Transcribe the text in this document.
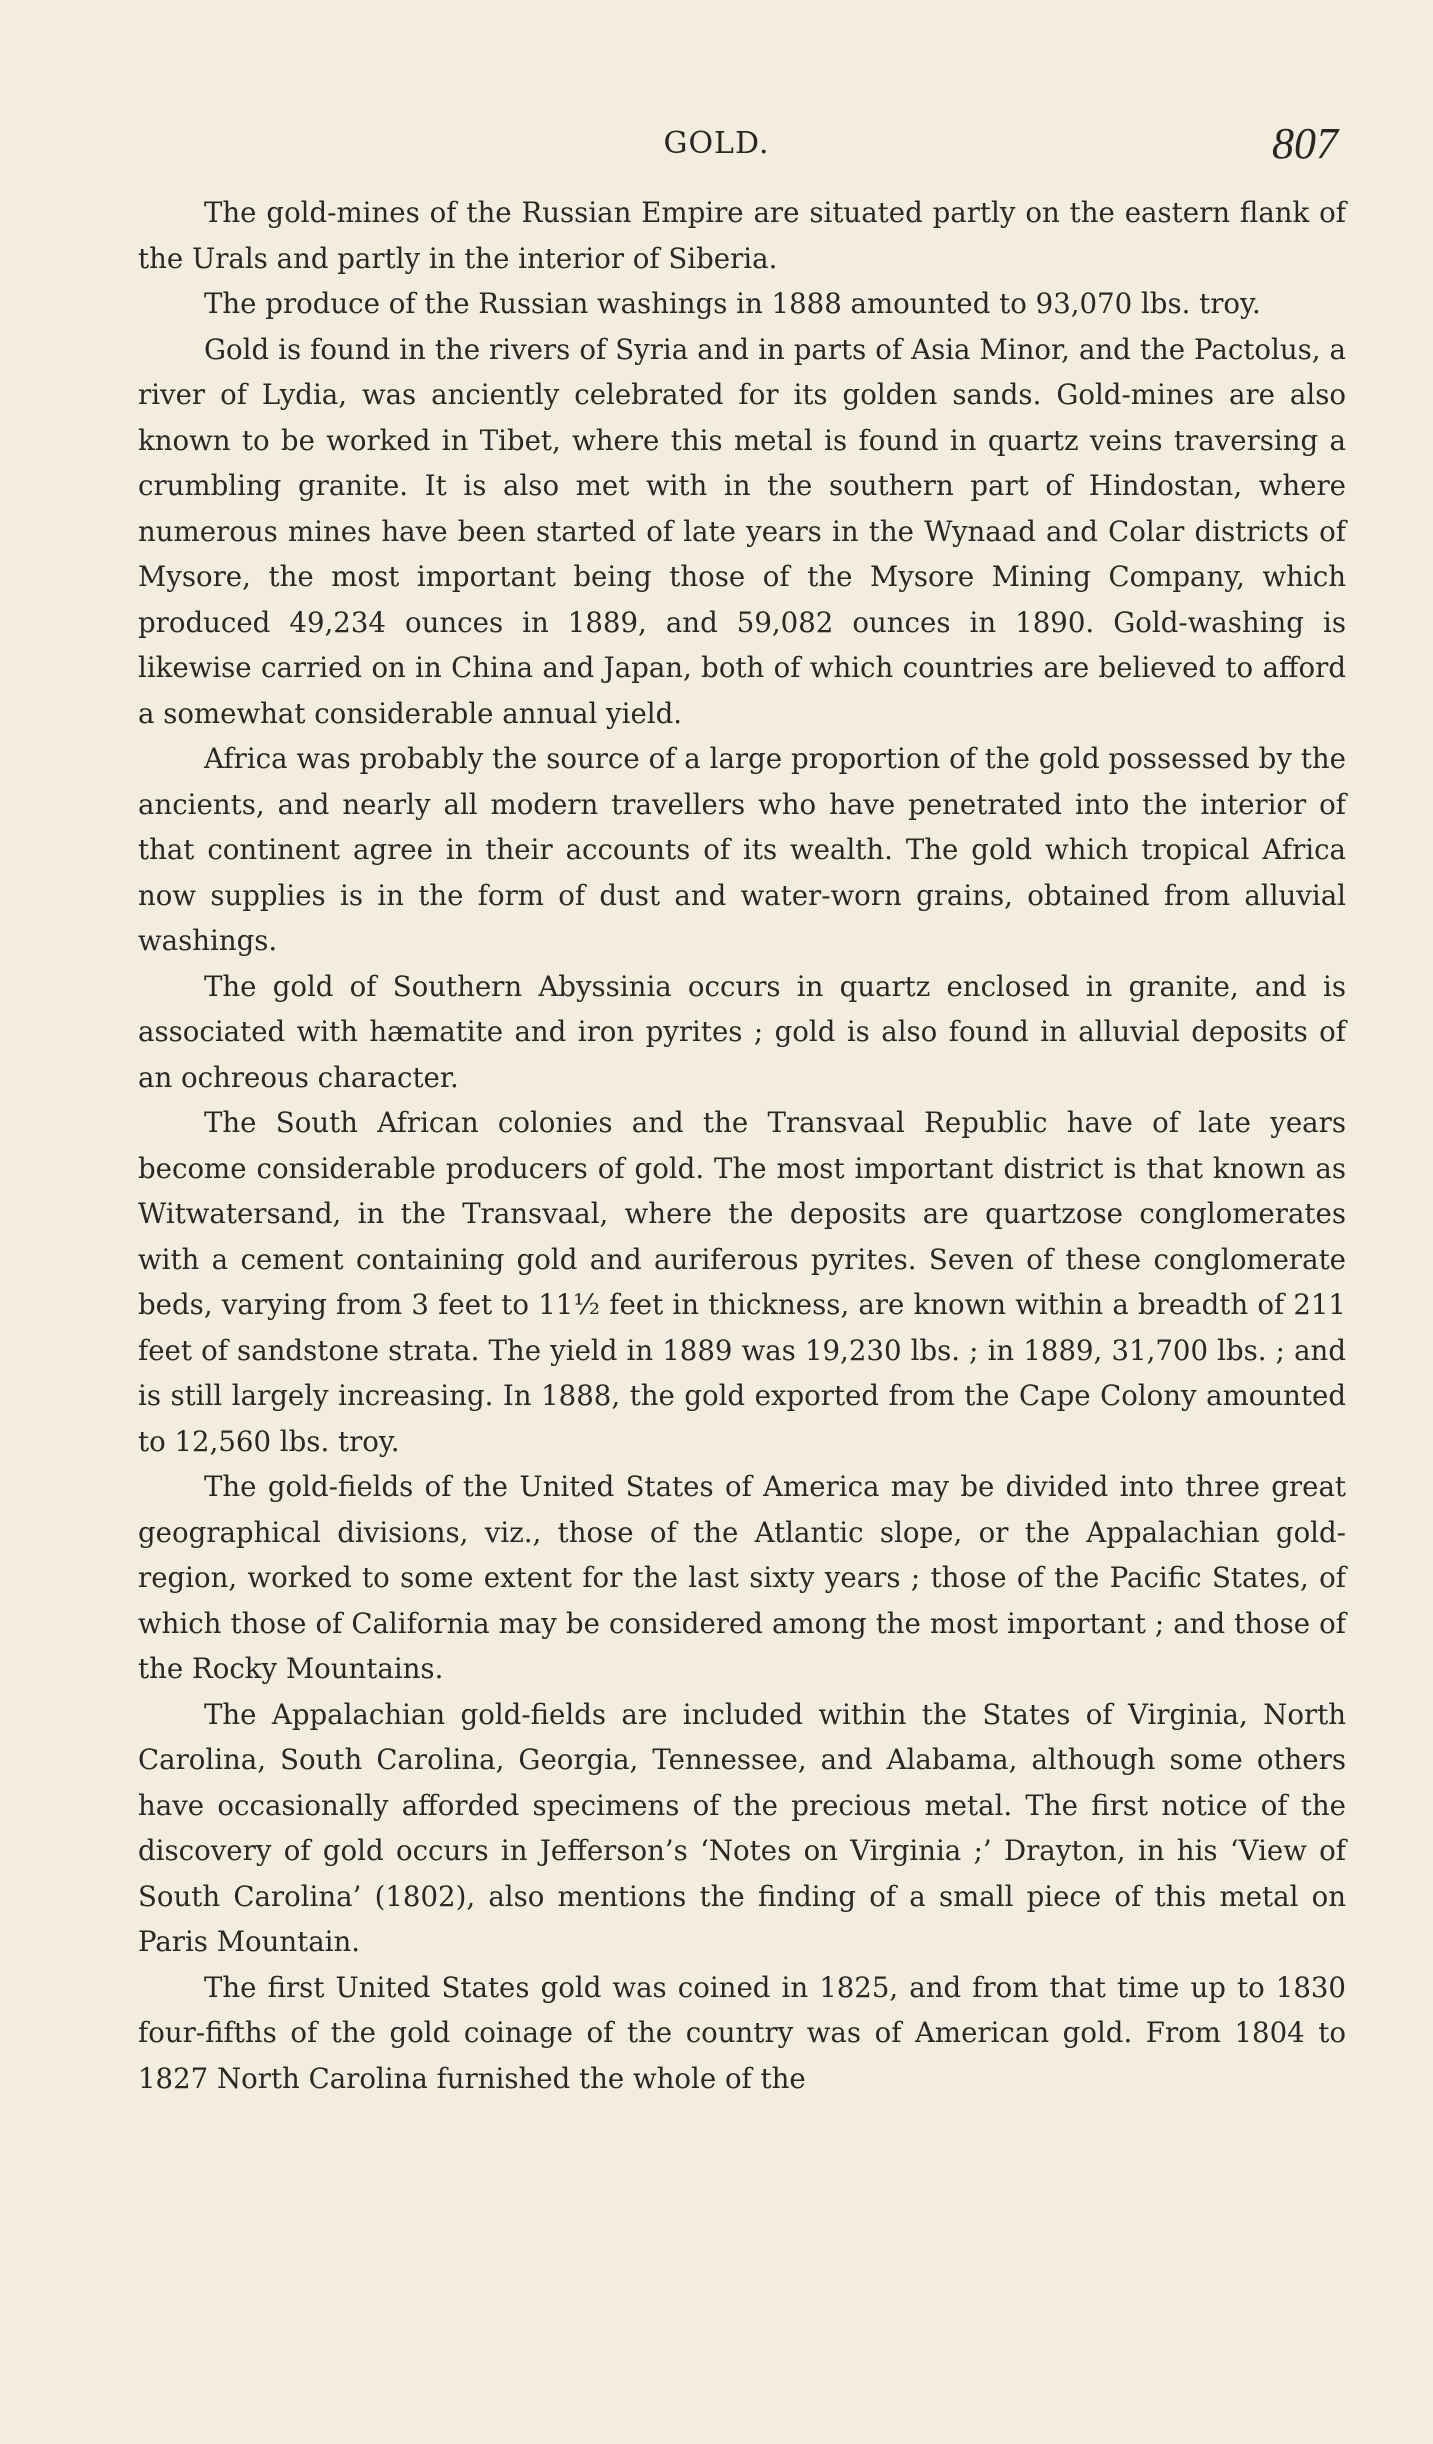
GOLD.	807

The gold-mines of the Russian Empire are situated partly on the eastern flank of the Urals and partly in the interior of Siberia.

The produce of the Russian washings in 1888 amounted to 93,070 lbs. troy.

Gold is found in the rivers of Syria and in parts of Asia Minor, and the Pactolus, a river of Lydia, was anciently celebrated for its golden sands. Gold-mines are also known to be worked in Tibet, where this metal is found in quartz veins traversing a crumbling granite. It is also met with in the southern part of Hindostan, where numerous mines have been started of late years in the Wynaad and Colar districts of Mysore, the most important being those of the Mysore Mining Company, which produced 49,234 ounces in 1889, and 59,082 ounces in 1890. Gold-washing is likewise carried on in China and Japan, both of which countries are believed to afford a somewhat considerable annual yield.

Africa was probably the source of a large proportion of the gold possessed by the ancients, and nearly all modern travellers who have penetrated into the interior of that continent agree in their accounts of its wealth. The gold which tropical Africa now supplies is in the form of dust and water-worn grains, obtained from alluvial washings.

The gold of Southern Abyssinia occurs in quartz enclosed in granite, and is associated with hæmatite and iron pyrites ; gold is also found in alluvial deposits of an ochreous character.

The South African colonies and the Transvaal Republic have of late years become considerable producers of gold. The most important district is that known as Witwatersand, in the Transvaal, where the deposits are quartzose conglomerates with a cement containing gold and auriferous pyrites. Seven of these conglomerate beds, varying from 3 feet to 11½ feet in thickness, are known within a breadth of 211 feet of sandstone strata. The yield in 1889 was 19,230 lbs. ; in 1889, 31,700 lbs. ; and is still largely increasing. In 1888, the gold exported from the Cape Colony amounted to 12,560 lbs. troy.

The gold-fields of the United States of America may be divided into three great geographical divisions, viz., those of the Atlantic slope, or the Appalachian gold-region, worked to some extent for the last sixty years ; those of the Pacific States, of which those of California may be considered among the most important ; and those of the Rocky Mountains.

The Appalachian gold-fields are included within the States of Virginia, North Carolina, South Carolina, Georgia, Tennessee, and Alabama, although some others have occasionally afforded specimens of the precious metal. The first notice of the discovery of gold occurs in Jefferson’s ‘Notes on Virginia ;’ Drayton, in his ‘View of South Carolina’ (1802), also mentions the finding of a small piece of this metal on Paris Mountain.

The first United States gold was coined in 1825, and from that time up to 1830 four-fifths of the gold coinage of the country was of American gold. From 1804 to 1827 North Carolina furnished the whole of the
